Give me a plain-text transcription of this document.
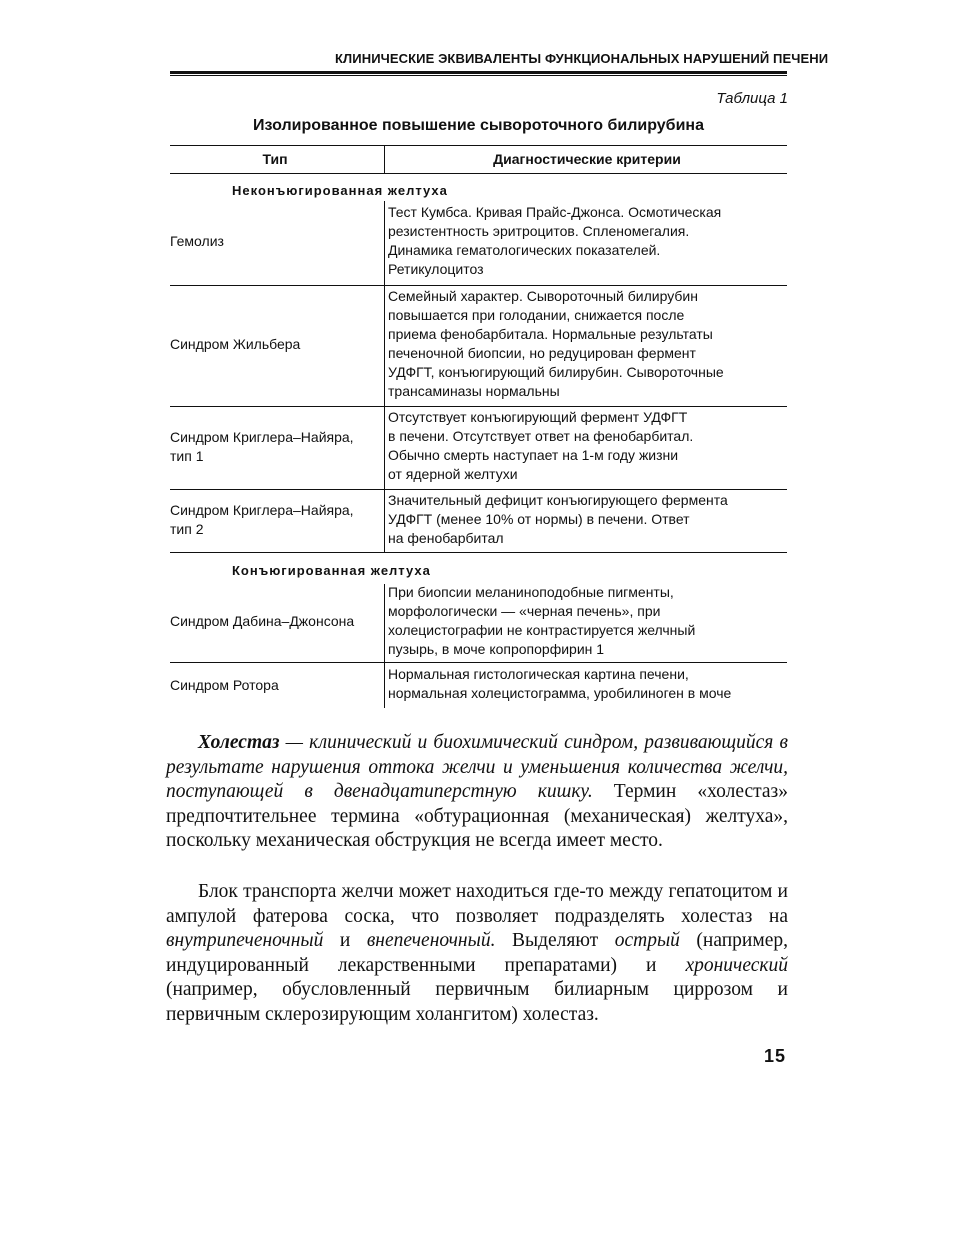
КЛИНИЧЕСКИЕ ЭКВИВАЛЕНТЫ ФУНКЦИОНАЛЬНЫХ НАРУШЕНИЙ ПЕЧЕНИ
Таблица 1
Изолированное повышение сывороточного билирубина
Тип	Диагностические критерии
Неконъюгированная желтуха
Гемолиз
Тест Кумбса. Кривая Прайс-Джонса. Осмотическая
резистентность эритроцитов. Спленомегалия.
Динамика гематологических показателей.
Ретикулоцитоз
Синдром Жильбера
Семейный характер. Сывороточный билирубин
повышается при голодании, снижается после
приема фенобарбитала. Нормальные результаты
печеночной биопсии, но редуцирован фермент
УДФГТ, конъюгирующий билирубин. Сывороточные
трансаминазы нормальны
Синдром Криглера–Найяра,
тип 1
Отсутствует конъюгирующий фермент УДФГТ
в печени. Отсутствует ответ на фенобарбитал.
Обычно смерть наступает на 1-м году жизни
от ядерной желтухи
Синдром Криглера–Найяра,
тип 2
Значительный дефицит конъюгирующего фермента
УДФГТ (менее 10% от нормы) в печени. Ответ
на фенобарбитал
Конъюгированная желтуха
Синдром Дабина–Джонсона
При биопсии меланиноподобные пигменты,
морфологически — «черная печень», при
холецистографии не контрастируется желчный
пузырь, в моче копропорфирин 1
Синдром Ротора
Нормальная гистологическая картина печени,
нормальная холецистограмма, уробилиноген в моче
Холестаз — клинический и биохимический синдром, развивающийся в результате нарушения оттока желчи и уменьшения количества желчи, поступающей в двенадцатиперстную кишку. Термин «холестаз» предпочтительнее термина «обтурационная (механическая) желтуха», поскольку механическая обструкция не всегда имеет место.
Блок транспорта желчи может находиться где-то между гепатоцитом и ампулой фатерова соска, что позволяет подразделять холестаз на внутрипеченочный и внепеченочный. Выделяют острый (например, индуцированный лекарственными препаратами) и хронический (например, обусловленный первичным билиарным циррозом и первичным склерозирующим холангитом) холестаз.
15
